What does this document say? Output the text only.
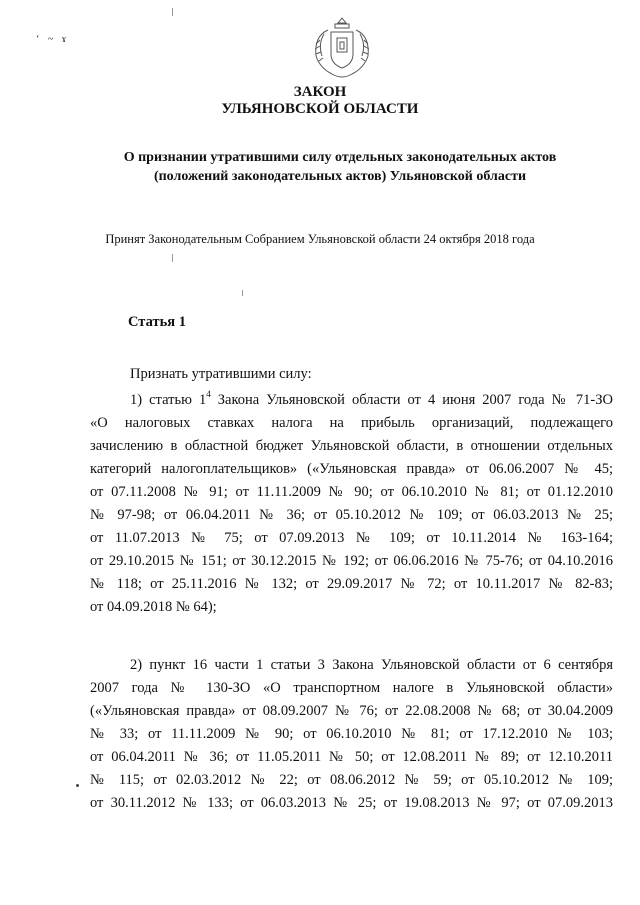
ʻ ~ ɤ
ЗАКОН
УЛЬЯНОВСКОЙ ОБЛАСТИ
О признании утратившими силу отдельных законодательных актов
(положений законодательных актов) Ульяновской области
Принят Законодательным Собранием Ульяновской области 24 октября 2018 года
Статья 1
Признать утратившими силу:
1) статью $1^4$ Закона Ульяновской области от 4 июня 2007 года № 71-ЗО
«О налоговых ставках налога на прибыль организаций, подлежащего
зачислению в областной бюджет Ульяновской области, в отношении отдельных
категорий налогоплательщиков» («Ульяновская правда» от 06.06.2007 № 45;
от 07.11.2008 № 91; от 11.11.2009 № 90; от 06.10.2010 № 81; от 01.12.2010
№ 97-98; от 06.04.2011 № 36; от 05.10.2012 № 109; от 06.03.2013 № 25;
от 11.07.2013 № 75; от 07.09.2013 № 109; от 10.11.2014 № 163-164;
от 29.10.2015 № 151; от 30.12.2015 № 192; от 06.06.2016 № 75-76; от 04.10.2016
№ 118; от 25.11.2016 № 132; от 29.09.2017 № 72; от 10.11.2017 № 82-83;
от 04.09.2018 № 64);
2) пункт 16 части 1 статьи 3 Закона Ульяновской области от 6 сентября
2007 года № 130-ЗО «О транспортном налоге в Ульяновской области»
(«Ульяновская правда» от 08.09.2007 № 76; от 22.08.2008 № 68; от 30.04.2009
№ 33; от 11.11.2009 № 90; от 06.10.2010 № 81; от 17.12.2010 № 103;
от 06.04.2011 № 36; от 11.05.2011 № 50; от 12.08.2011 № 89; от 12.10.2011
№ 115; от 02.03.2012 № 22; от 08.06.2012 № 59; от 05.10.2012 № 109;
от 30.11.2012 № 133; от 06.03.2013 № 25; от 19.08.2013 № 97; от 07.09.2013
